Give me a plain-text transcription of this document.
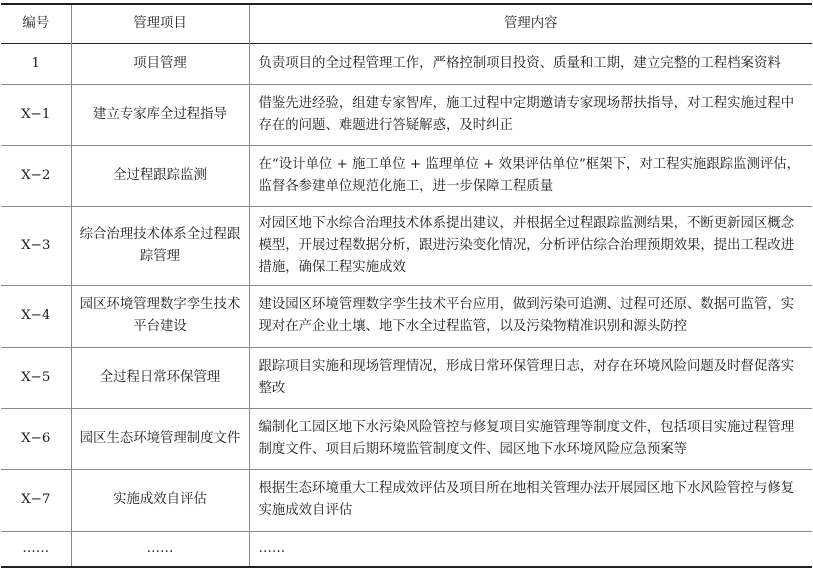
编号	管理项目	管理内容
1	项目管理	负责项目的全过程管理工作，严格控制项目投资、质量和工期，建立完整的工程档案资料
X−1	建立专家库全过程指导	借鉴先进经验，组建专家智库，施工过程中定期邀请专家现场帮扶指导，对工程实施过程中存在的问题、难题进行答疑解惑，及时纠正
X−2	全过程跟踪监测	在“设计单位 + 施工单位 + 监理单位 + 效果评估单位”框架下，对工程实施跟踪监测评估，监督各参建单位规范化施工，进一步保障工程质量
X−3	综合治理技术体系全过程跟踪管理	对园区地下水综合治理技术体系提出建议，并根据全过程跟踪监测结果，不断更新园区概念模型，开展过程数据分析，跟进污染变化情况，分析评估综合治理预期效果，提出工程改进措施，确保工程实施成效
X−4	园区环境管理数字孪生技术平台建设	建设园区环境管理数字孪生技术平台应用，做到污染可追溯、过程可还原、数据可监管，实现对在产企业土壤、地下水全过程监管，以及污染物精准识别和源头防控
X−5	全过程日常环保管理	跟踪项目实施和现场管理情况，形成日常环保管理日志，对存在环境风险问题及时督促落实整改
X−6	园区生态环境管理制度文件	编制化工园区地下水污染风险管控与修复项目实施管理等制度文件，包括项目实施过程管理制度文件、项目后期环境监管制度文件、园区地下水环境风险应急预案等
X−7	实施成效自评估	根据生态环境重大工程成效评估及项目所在地相关管理办法开展园区地下水风险管控与修复实施成效自评估
……	……	……
